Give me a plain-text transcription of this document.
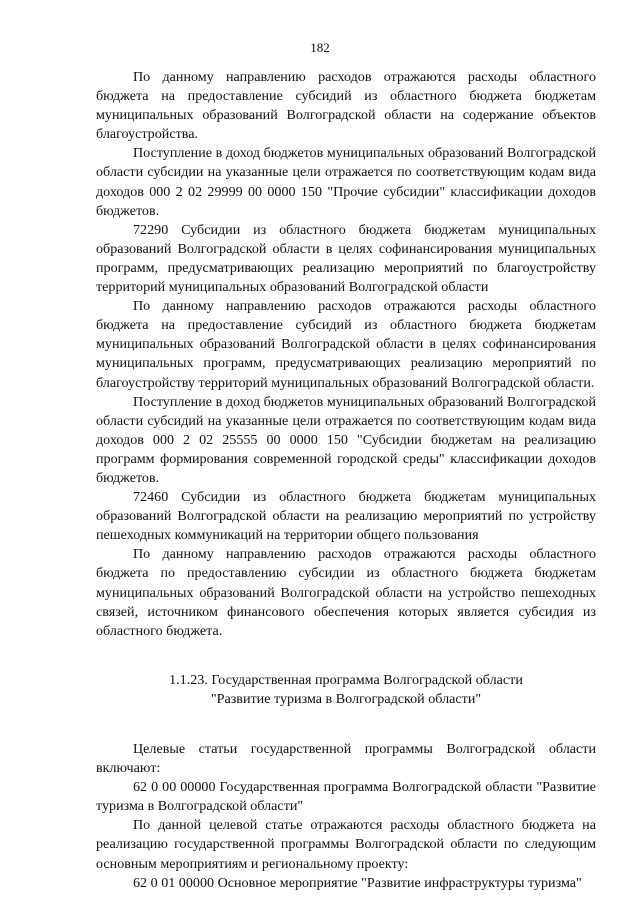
182

По данному направлению расходов отражаются расходы областного бюджета на предоставление субсидий из областного бюджета бюджетам муниципальных образований Волгоградской области на содержание объектов благоустройства.

Поступление в доход бюджетов муниципальных образований Волгоградской области субсидии на указанные цели отражается по соответствующим кодам вида доходов 000 2 02 29999 00 0000 150 "Прочие субсидии" классификации доходов бюджетов.

72290 Субсидии из областного бюджета бюджетам муниципальных образований Волгоградской области в целях софинансирования муниципальных программ, предусматривающих реализацию мероприятий по благоустройству территорий муниципальных образований Волгоградской области

По данному направлению расходов отражаются расходы областного бюджета на предоставление субсидий из областного бюджета бюджетам муниципальных образований Волгоградской области в целях софинансирования муниципальных программ, предусматривающих реализацию мероприятий по благоустройству территорий муниципальных образований Волгоградской области.

Поступление в доход бюджетов муниципальных образований Волгоградской области субсидий на указанные цели отражается по соответствующим кодам вида доходов 000 2 02 25555 00 0000 150 "Субсидии бюджетам на реализацию программ формирования современной городской среды" классификации доходов бюджетов.

72460 Субсидии из областного бюджета бюджетам муниципальных образований Волгоградской области на реализацию мероприятий по устройству пешеходных коммуникаций на территории общего пользования

По данному направлению расходов отражаются расходы областного бюджета по предоставлению субсидии из областного бюджета бюджетам муниципальных образований Волгоградской области на устройство пешеходных связей, источником финансового обеспечения которых является субсидия из областного бюджета.

1.1.23. Государственная программа Волгоградской области
"Развитие туризма в Волгоградской области"

Целевые статьи государственной программы Волгоградской области включают:

62 0 00 00000 Государственная программа Волгоградской области "Развитие туризма в Волгоградской области"

По данной целевой статье отражаются расходы областного бюджета на реализацию государственной программы Волгоградской области по следующим основным мероприятиям и региональному проекту:

62 0 01 00000 Основное мероприятие "Развитие инфраструктуры туризма"
